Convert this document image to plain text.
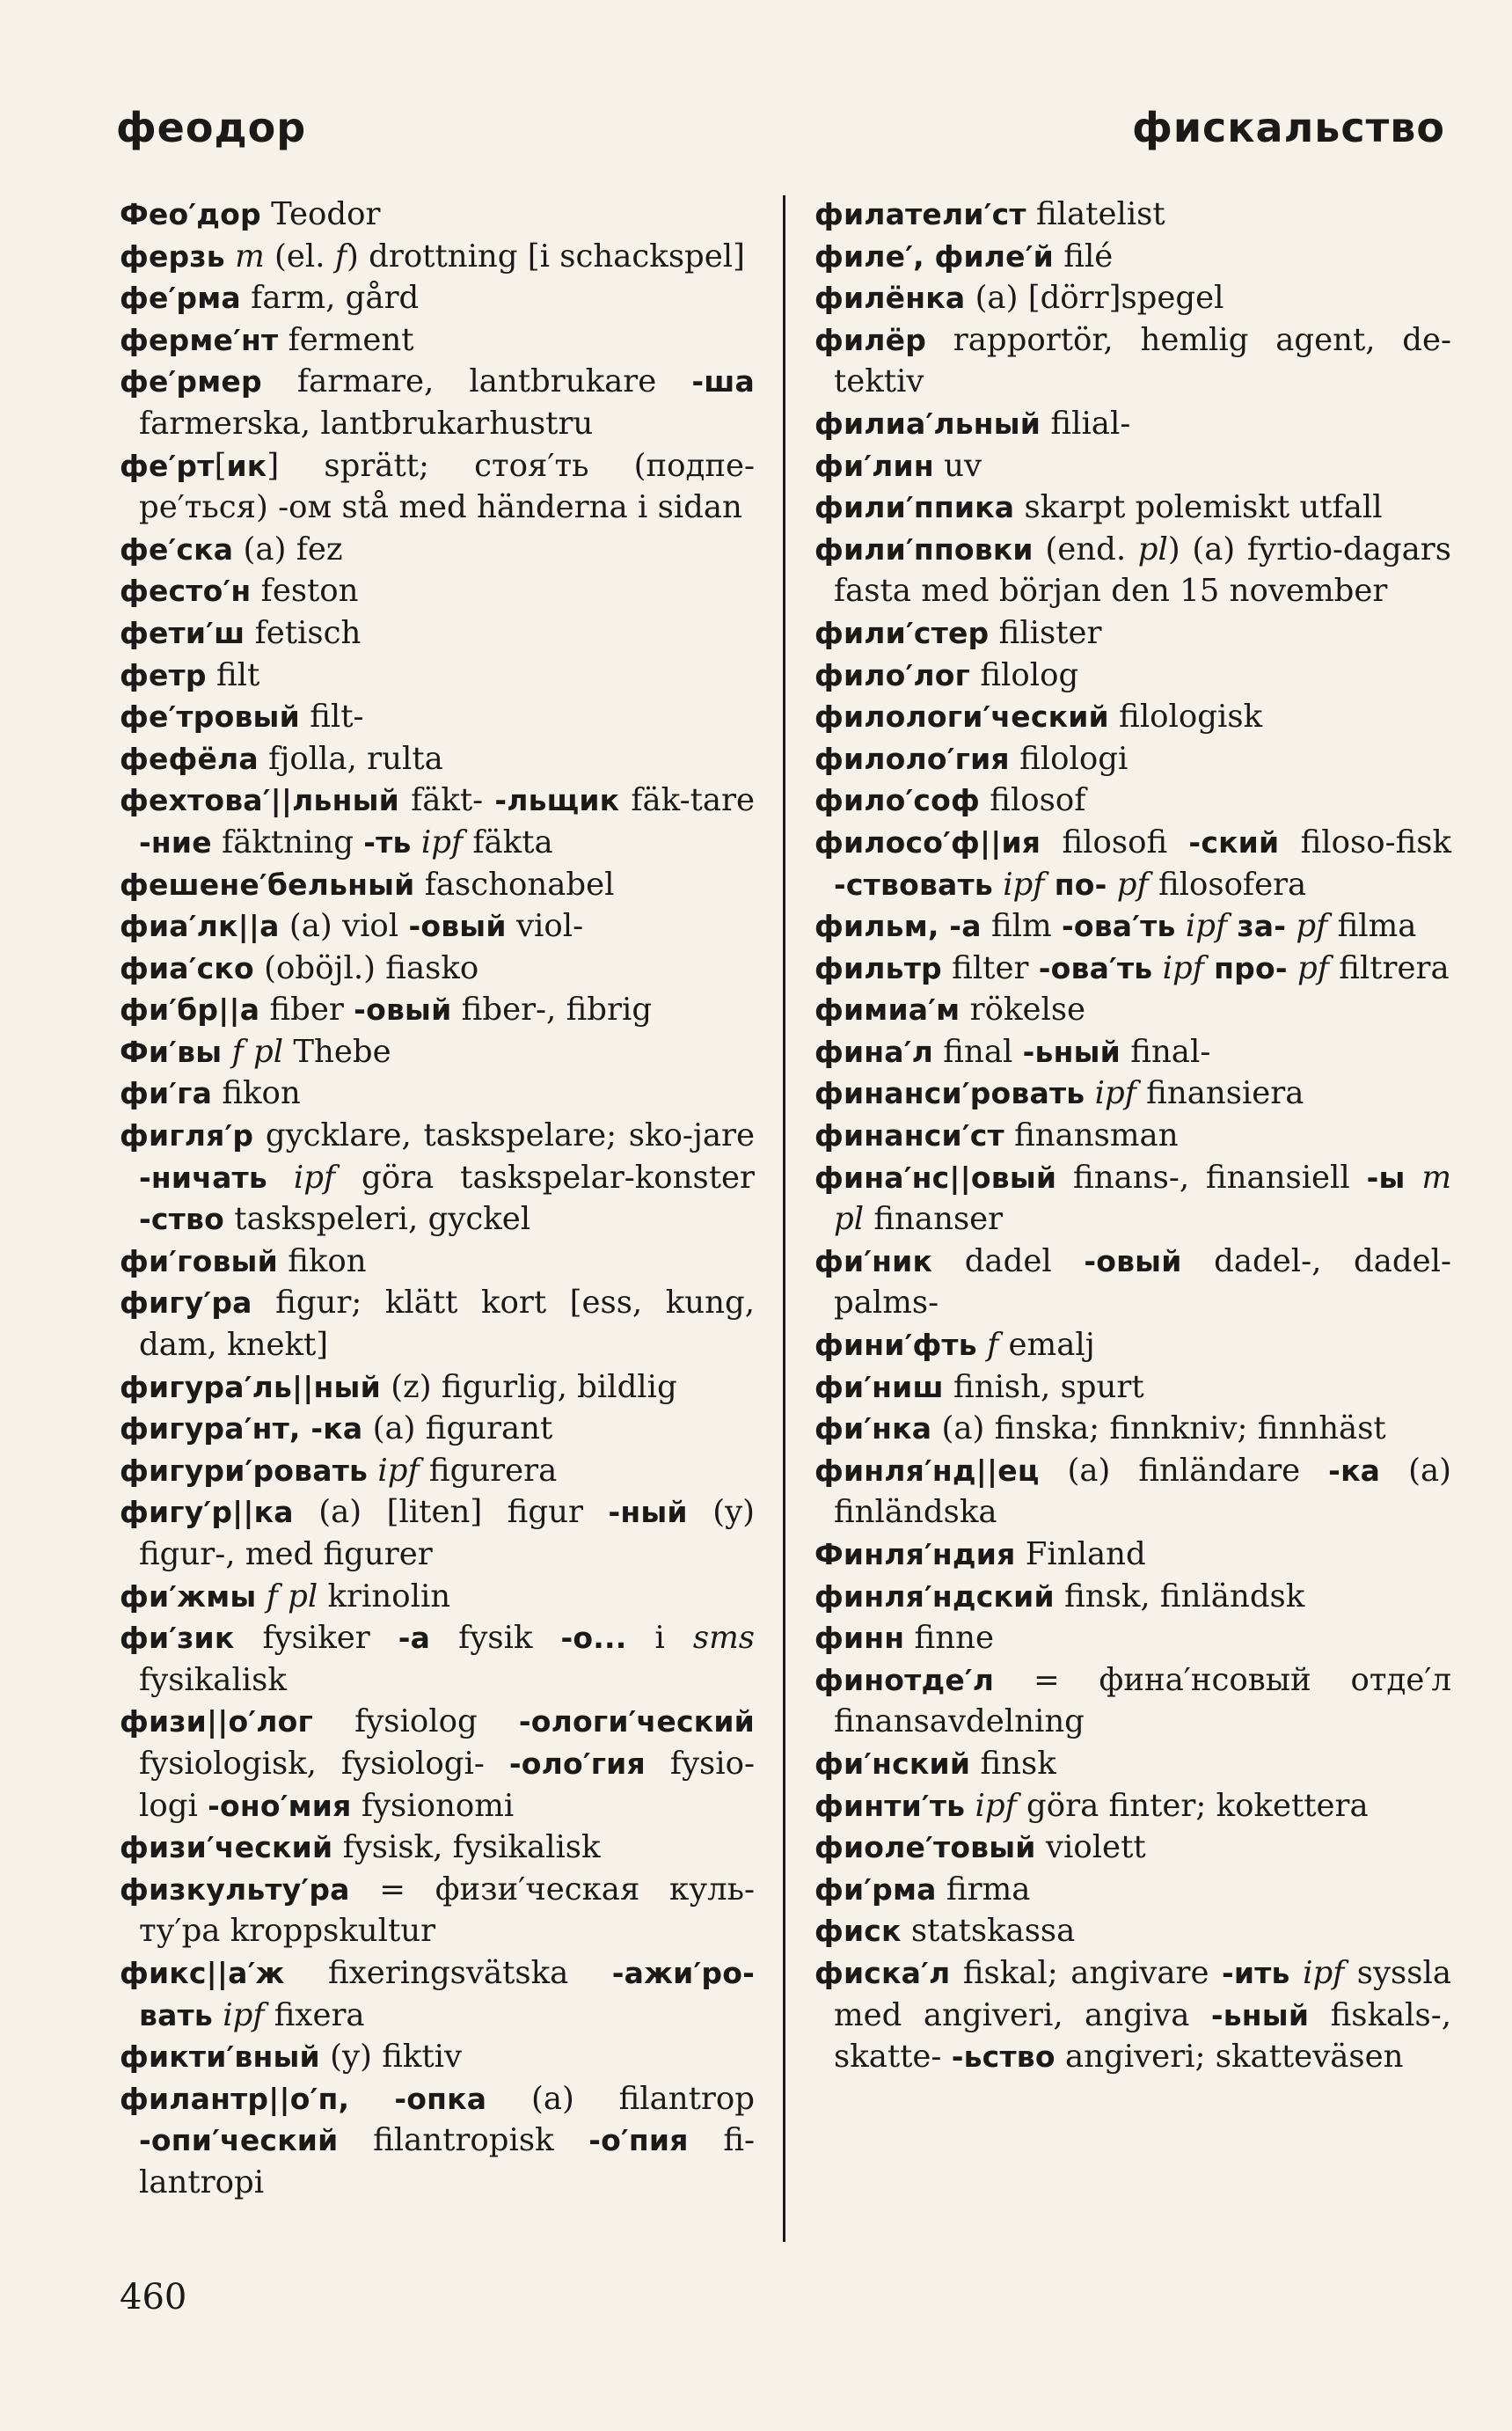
феодор	фискальство

Фео′дор Teodor

ферзь m (el. f) drottning [i schackspel]

фе′рма farm, gård

ферме′нт ferment

фе′рмер farmare, lantbrukare -ша farmerska, lantbrukarhustru

фе′рт[ик] sprätt; стоя′ть (подпе-ре′ться) -ом stå med händerna i sidan

фе′ска (a) fez

фесто′н feston

фети′ш fetisch

фетр filt

фе′тровый filt-

фефёла fjolla, rulta

фехтова′||льный fäkt- -льщик fäk-tare -ние fäktning -ть ipf fäkta

фешене′бельный faschonabel

фиа′лк||а (a) viol -овый viol-

фиа′ско (oböjl.) fiasko

фи′бр||а fiber -овый fiber-, fibrig

Фи′вы f pl Thebe

фи′га fikon

фигля′р gycklare, taskspelare; sko-jare -ничать ipf göra taskspelar-konster -ство taskspeleri, gyckel

фи′говый fikon

фигу′ра figur; klätt kort [ess, kung, dam, knekt]

фигура′ль||ный (z) figurlig, bildlig

фигура′нт, -ка (a) figurant

фигури′ровать ipf figurera

фигу′р||ка (a) [liten] figur -ный (y) figur-, med figurer

фи′жмы f pl krinolin

фи′зик fysiker -а fysik -о... i sms fysikalisk

физи||о′лог fysiolog -ологи′ческий fysiologisk, fysiologi- -оло′гия fysio-logi -оно′мия fysionomi

физи′ческий fysisk, fysikalisk

физкульту′ра = физи′ческая куль-ту′ра kroppskultur

фикс||а′ж fixeringsvätska -ажи′ро-вать ipf fixera

фикти′вный (y) fiktiv

филантр||о′п, -опка (a) filantrop -опи′ческий filantropisk -о′пия fi-lantropi

филатели′ст filatelist

филе′, филе′й filé

филёнка (a) [dörr]spegel

филёр rapportör, hemlig agent, de-tektiv

филиа′льный filial-

фи′лин uv

фили′ппика skarpt polemiskt utfall

фили′пповки (end. pl) (a) fyrtio-dagars fasta med början den 15 november

фили′стер filister

фило′лог filolog

филологи′ческий filologisk

филоло′гия filologi

фило′соф filosof

филосо′ф||ия filosofi -ский filoso-fisk -ствовать ipf по- pf filosofera

фильм, -а film -ова′ть ipf за- pf filma

фильтр filter -ова′ть ipf про- pf filtrera

фимиа′м rökelse

фина′л final -ьный final-

финанси′ровать ipf finansiera

финанси′ст finansman

фина′нс||овый finans-, finansiell -ы m pl finanser

фи′ник dadel -овый dadel-, dadel-palms-

фини′фть f emalj

фи′ниш finish, spurt

фи′нка (a) finska; finnkniv; finnhäst

финля′нд||ец (a) finländare -ка (a) finländska

Финля′ндия Finland

финля′ндский finsk, finländsk

финн finne

финотде′л = фина′нсовый отде′л finansavdelning

фи′нский finsk

финти′ть ipf göra finter; kokettera

фиоле′товый violett

фи′рма firma

фиск statskassa

фиска′л fiskal; angivare -ить ipf syssla med angiveri, angiva -ьный fiskals-, skatte- -ьство angiveri; skatteväsen

460
